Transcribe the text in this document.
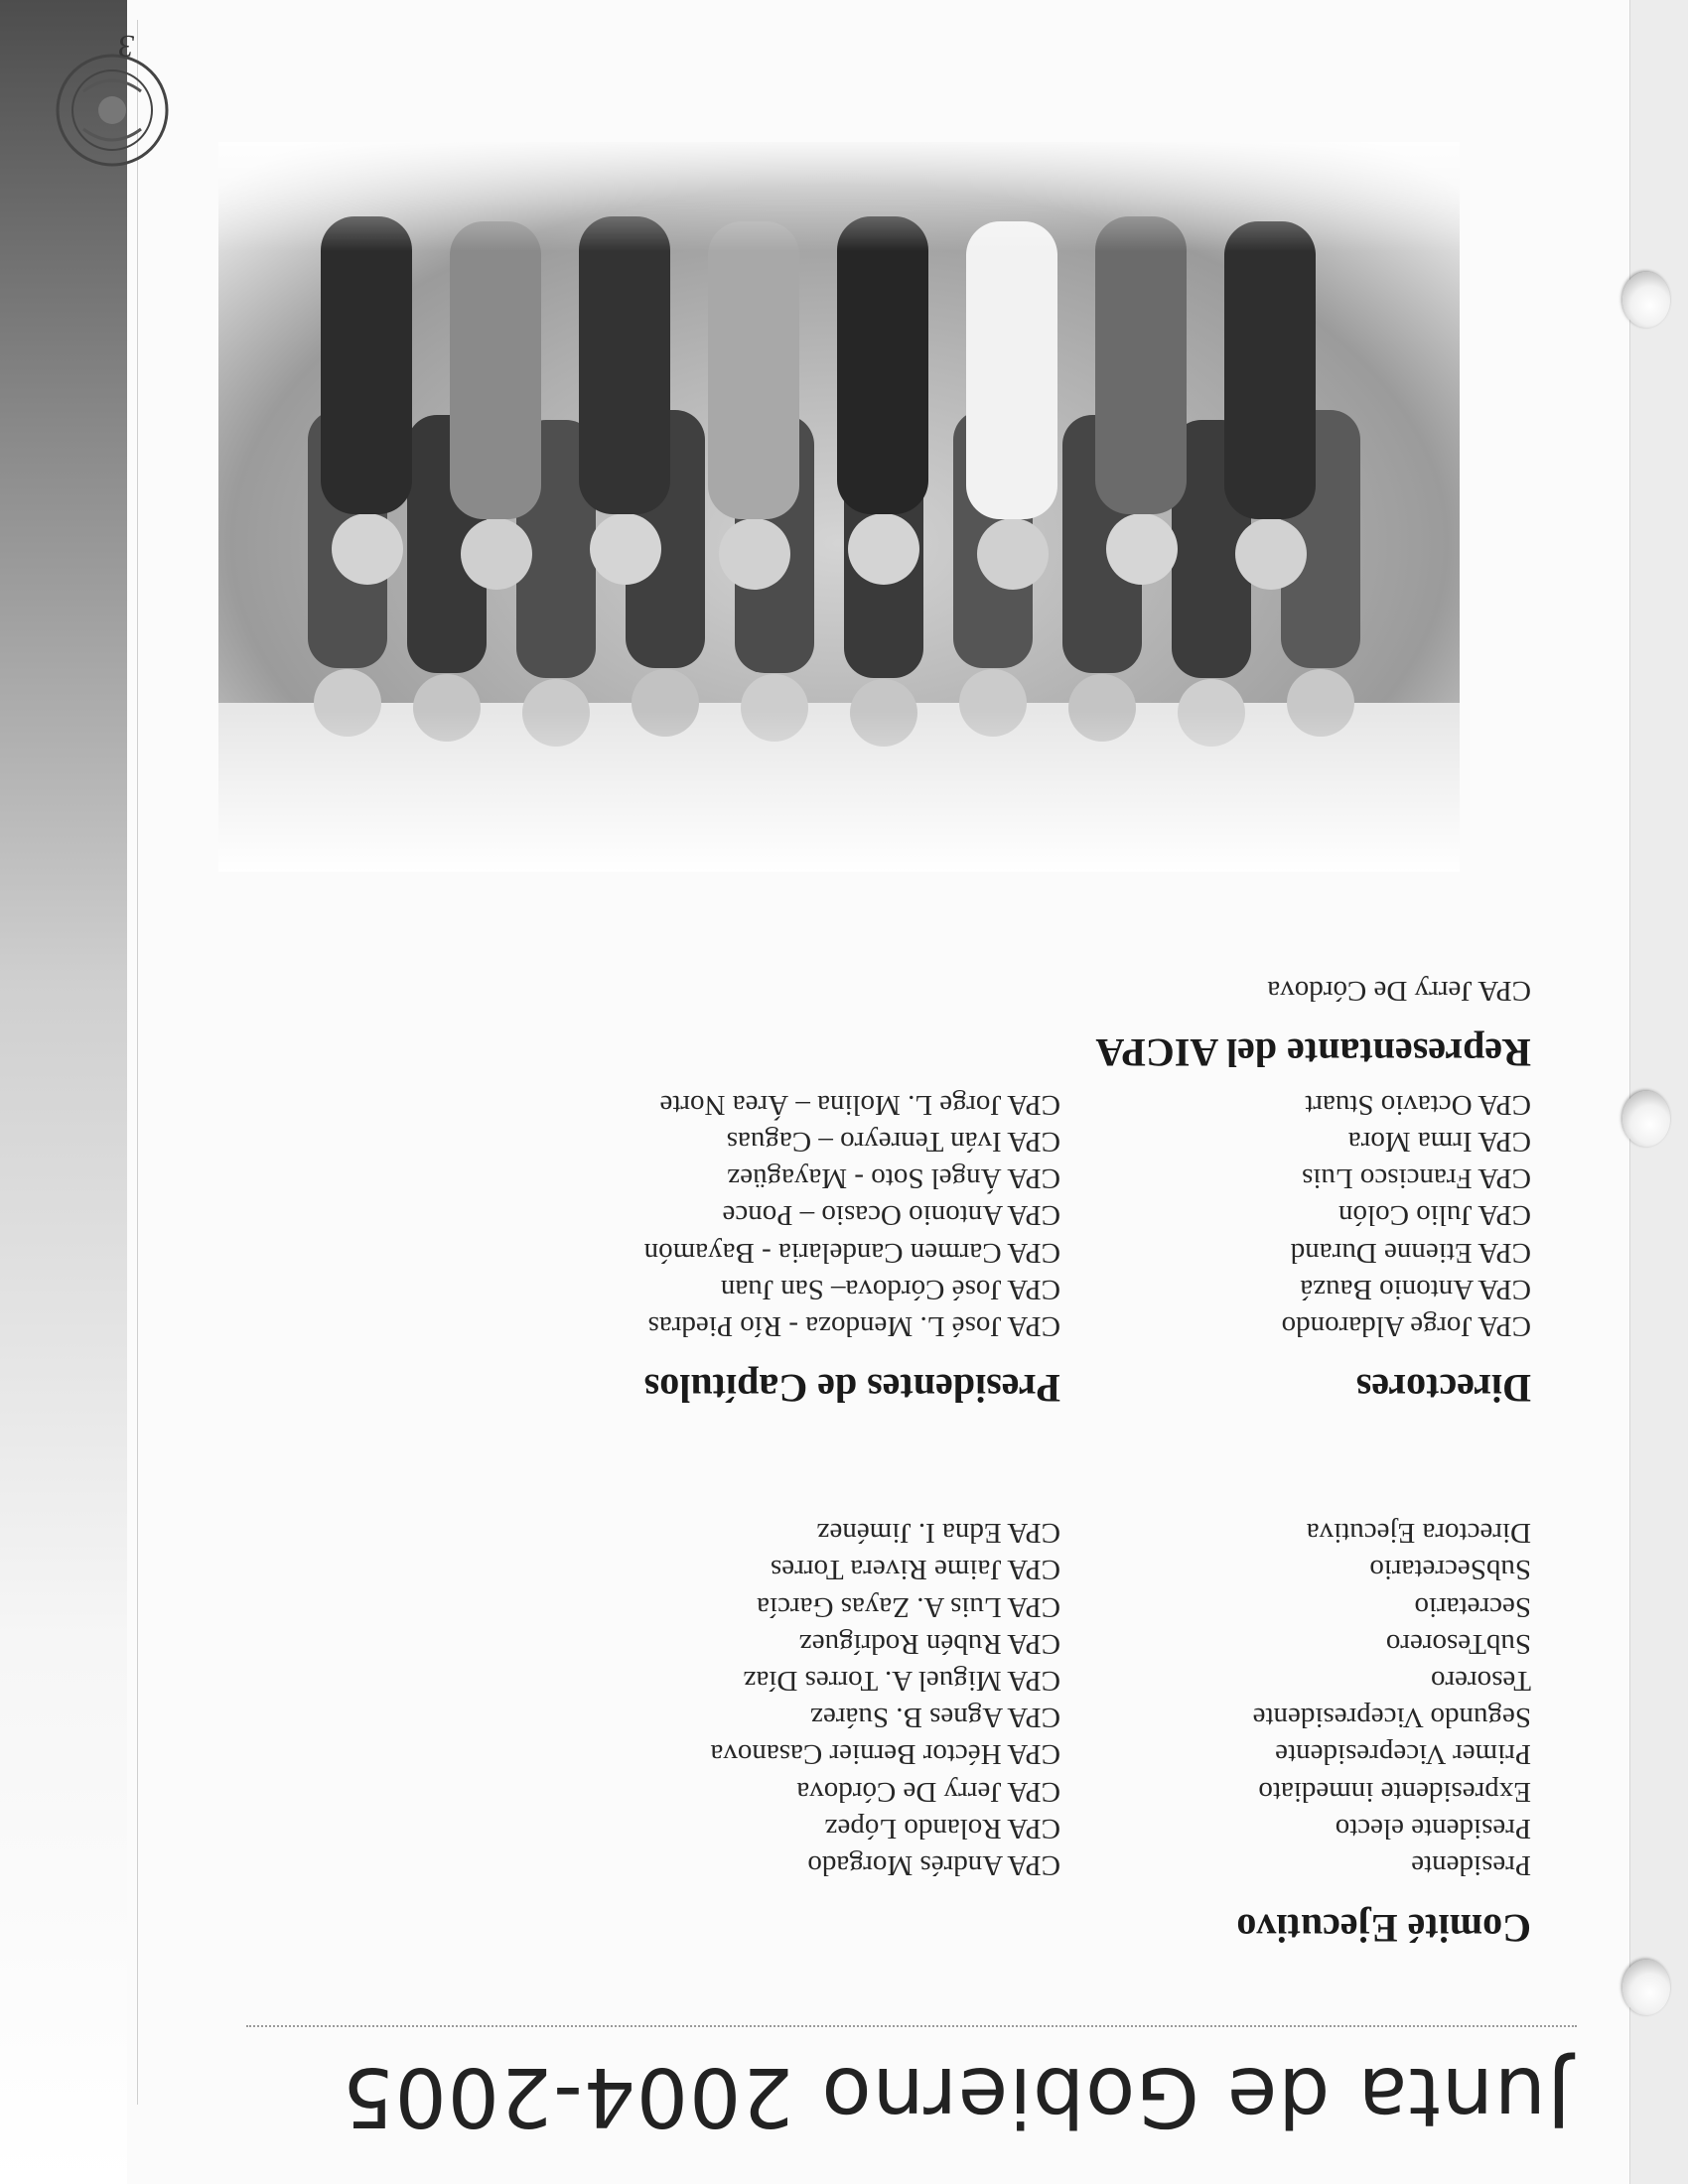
Junta de Gobierno 2004-2005
Comité Ejecutivo
Presidente
Presidente electo
Expresidente inmediato
Primer Vicepresidente
Segundo Vicepresidente
Tesorero
SubTesorero
Secretario
SubSecretario
Directora Ejecutiva
CPA Andrés Morgado
CPA Rolando López
CPA Jerry De Córdova
CPA Héctor Bernier Casanova
CPA Agnes B. Suárez
CPA Miguel A. Torres Díaz
CPA Rubén Rodríguez
CPA Luis A. Zayas García
CPA Jaime Rivera Torres
CPA Edna I. Jiménez
Directores
CPA Jorge Aldarondo
CPA Antonio Bauzá
CPA Etienne Durand
CPA Julio Colón
CPA Francisco Luis
CPA Irma Mora
CPA Octavio Stuart
Presidentes de Capítulos
CPA José L. Mendoza - Río Piedras
CPA José Córdova– San Juan
CPA Carmen Candelaria - Bayamón
CPA Antonio Ocasio – Ponce
CPA Ángel Soto - Mayagüez
CPA Iván Tenreyro – Caguas
CPA Jorge L. Molina – Área Norte
Representante del AICPA
CPA Jerry De Córdova
3
